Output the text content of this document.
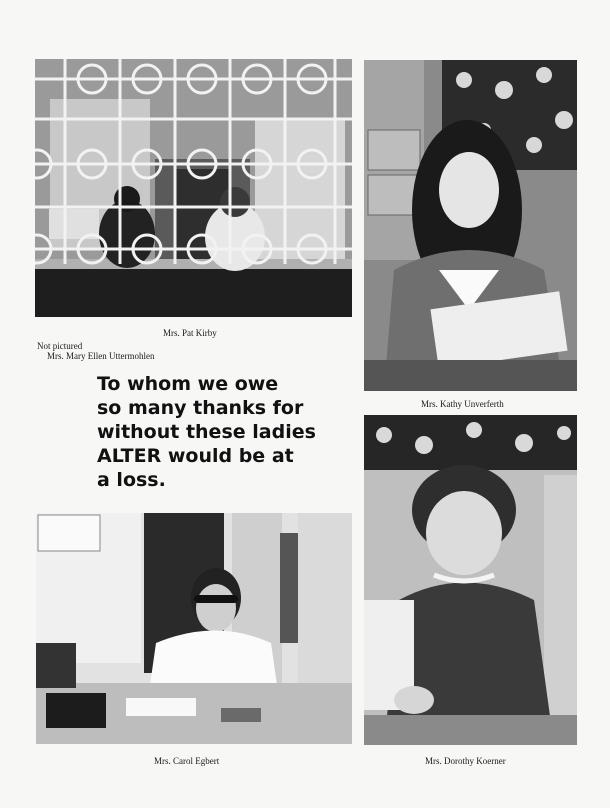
Mrs. Pat Kirby
Not pictured
Mrs. Mary Ellen Uttermohlen
Mrs. Kathy Unverferth
To whom we owe
so many thanks for
without these ladies
ALTER would be at
a loss.
Mrs. Dorothy Koerner
Mrs. Carol Egbert
